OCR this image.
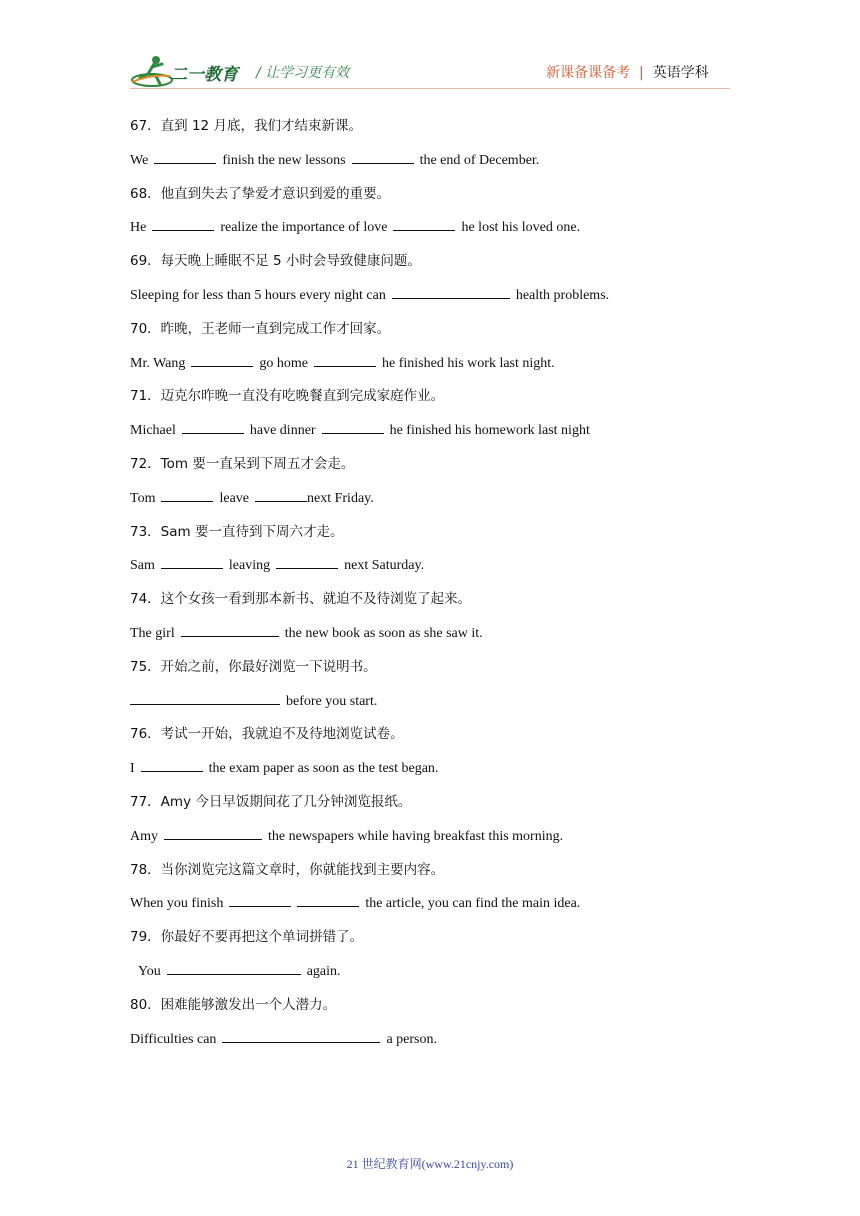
二一教育 / 让学习更有效	新课备课备考 | 英语学科
67．直到 12 月底，我们才结束新课。
We	finish the new lessons	the end of December.
68．他直到失去了挚爱才意识到爱的重要。
He	realize the importance of love	he lost his loved one.
69．每天晚上睡眠不足 5 小时会导致健康问题。
Sleeping for less than 5 hours every night can	health problems.
70．昨晚，王老师一直到完成工作才回家。
Mr. Wang	go home	he finished his work last night.
71．迈克尔昨晚一直没有吃晚餐直到完成家庭作业。
Michael	have dinner	he finished his homework last night
72．Tom 要一直呆到下周五才会走。
Tom	leave	next Friday.
73．Sam 要一直待到下周六才走。
Sam	leaving	next Saturday.
74．这个女孩一看到那本新书、就迫不及待浏览了起来。
The girl	the new book as soon as she saw it.
75．开始之前，你最好浏览一下说明书。
before you start.
76．考试一开始，我就迫不及待地浏览试卷。
I	the exam paper as soon as the test began.
77．Amy 今日早饭期间花了几分钟浏览报纸。
Amy	the newspapers while having breakfast this morning.
78．当你浏览完这篇文章时，你就能找到主要内容。
When you finish	the article, you can find the main idea.
79．你最好不要再把这个单词拼错了。
You	again.
80．困难能够激发出一个人潜力。
Difficulties can	a person.
21 世纪教育网(www.21cnjy.com)
